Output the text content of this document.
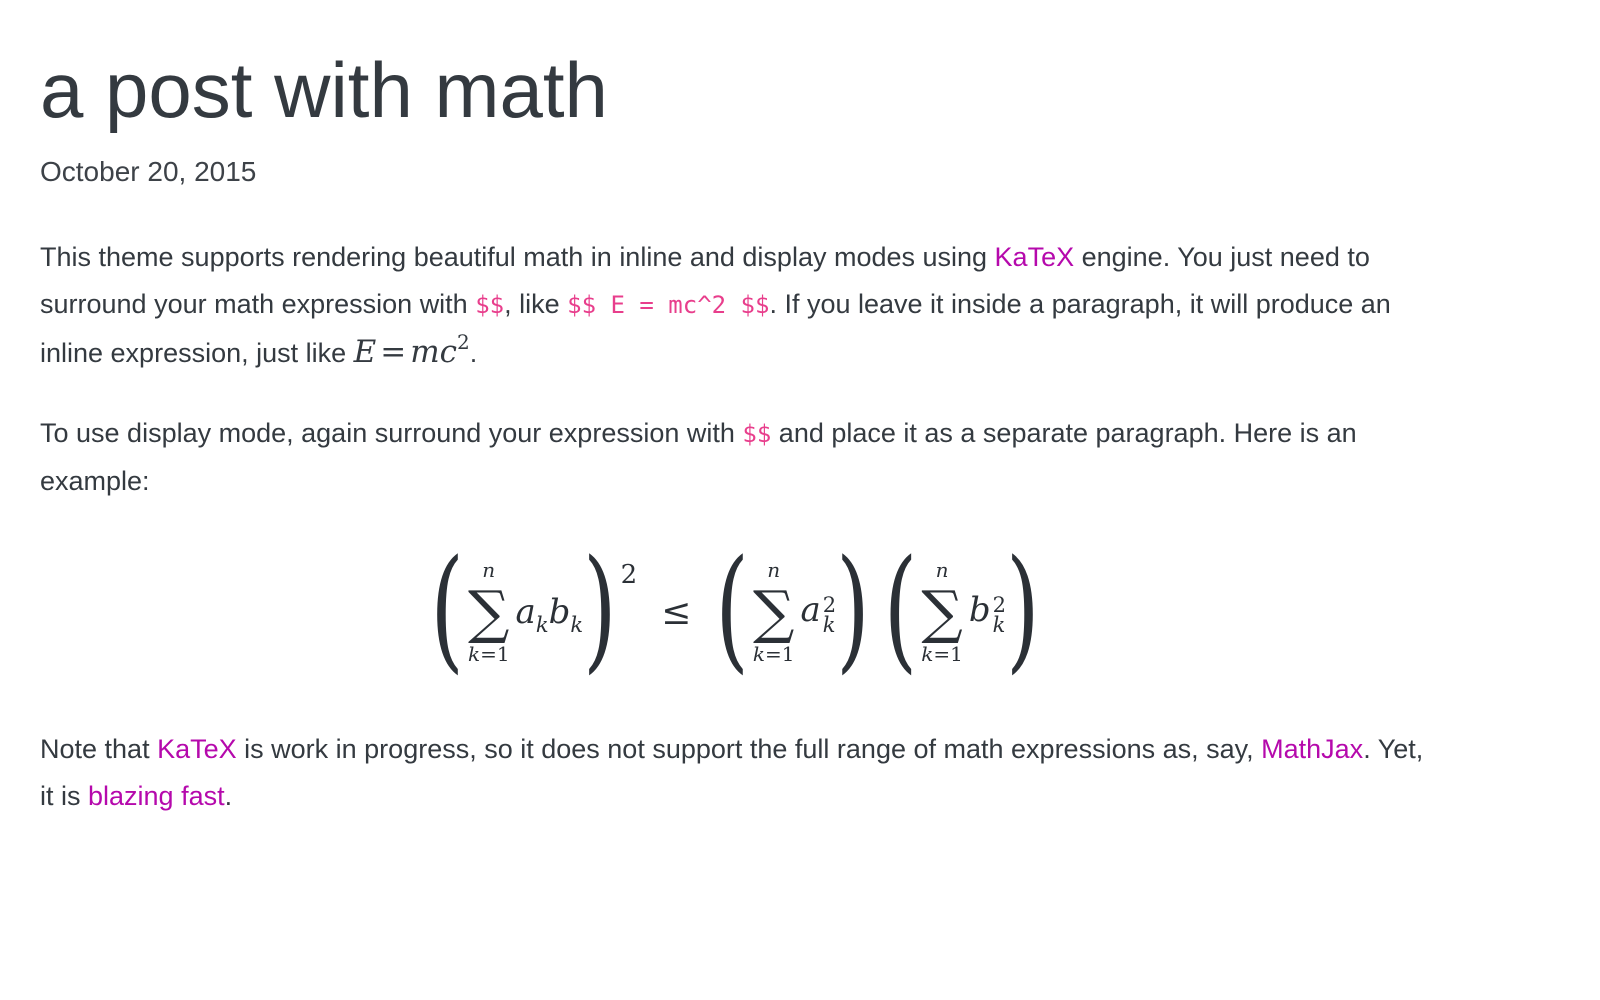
a post with math

October 20, 2015

This theme supports rendering beautiful math in inline and display modes using KaTeX engine. You just need to surround your math expression with $$, like $$ E = mc^2 $$. If you leave it inside a paragraph, it will produce an inline expression, just like $E = mc^2$.

To use display mode, again surround your expression with $$ and place it as a separate paragraph. Here is an example:

( n
∑
k=1
$a_kb_k$ ) 2
≤ ( n
∑
k=1
a 2
k ) ( n
∑
k=1
b 2
k )

Note that KaTeX is work in progress, so it does not support the full range of math expressions as, say, MathJax. Yet, it is blazing fast.
